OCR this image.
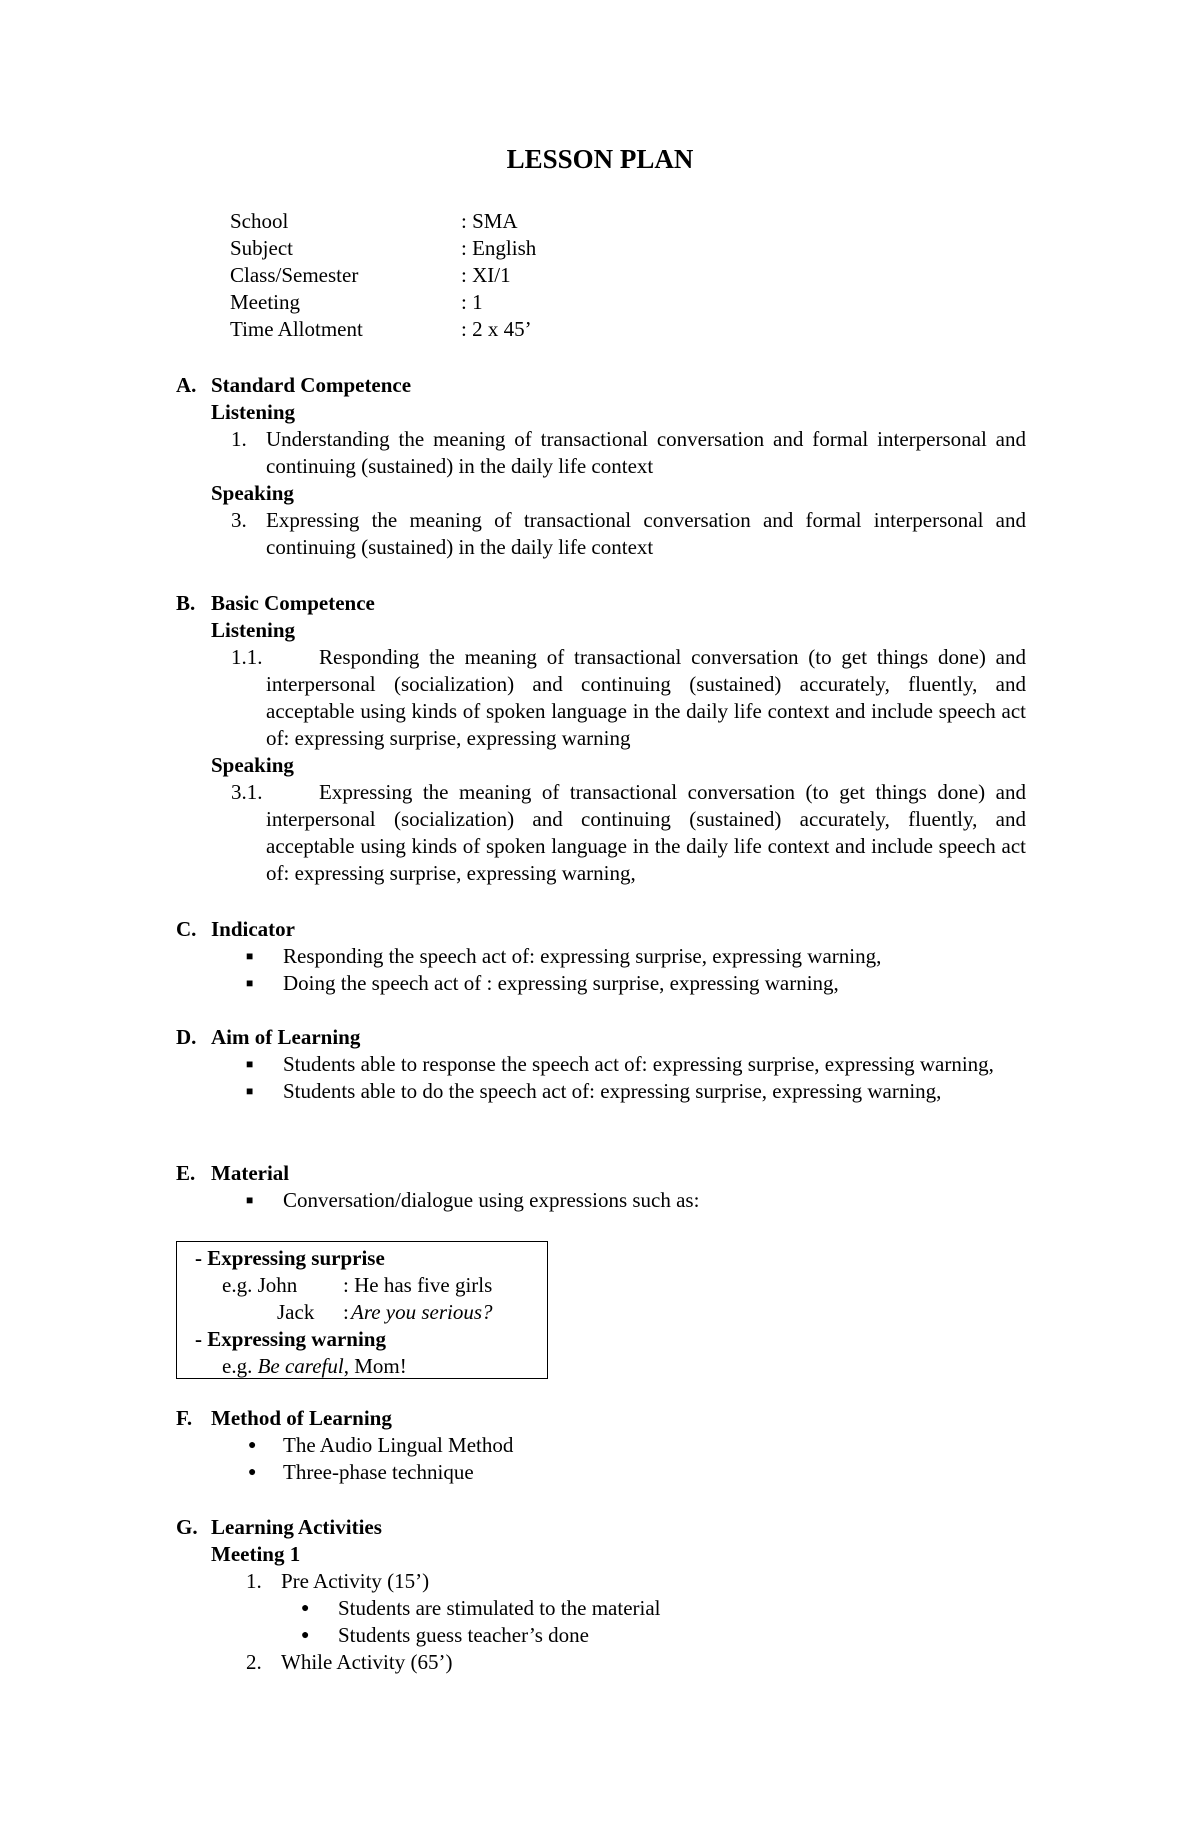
LESSON PLAN
School	: SMA
Subject	: English
Class/Semester	: XI/1
Meeting	: 1
Time Allotment	: 2 x 45’
A. Standard Competence
Listening
1. Understanding the meaning of transactional conversation and formal interpersonal and continuing (sustained) in the daily life context
Speaking
3. Expressing the meaning of transactional conversation and formal interpersonal and continuing (sustained) in the daily life context
B. Basic Competence
Listening
1.1.	Responding the meaning of transactional conversation (to get things done) and interpersonal (socialization) and continuing (sustained) accurately, fluently, and acceptable using kinds of spoken language in the daily life context and include speech act of: expressing surprise, expressing warning
Speaking
3.1.	Expressing the meaning of transactional conversation (to get things done) and interpersonal (socialization) and continuing (sustained) accurately, fluently, and acceptable using kinds of spoken language in the daily life context and include speech act of: expressing surprise, expressing warning,
C. Indicator
■ Responding the speech act of: expressing surprise, expressing warning,
■ Doing the speech act of : expressing surprise, expressing warning,
D. Aim of Learning
■ Students able to response the speech act of: expressing surprise, expressing warning,
■ Students able to do the speech act of: expressing surprise, expressing warning,
E. Material
■ Conversation/dialogue using expressions such as:
- Expressing surprise
e.g. John : He has five girls
Jack : Are you serious?
- Expressing warning
e.g. Be careful, Mom!
F. Method of Learning
● The Audio Lingual Method
● Three-phase technique
G. Learning Activities
Meeting 1
1. Pre Activity (15’)
● Students are stimulated to the material
● Students guess teacher’s done
2. While Activity (65’)
